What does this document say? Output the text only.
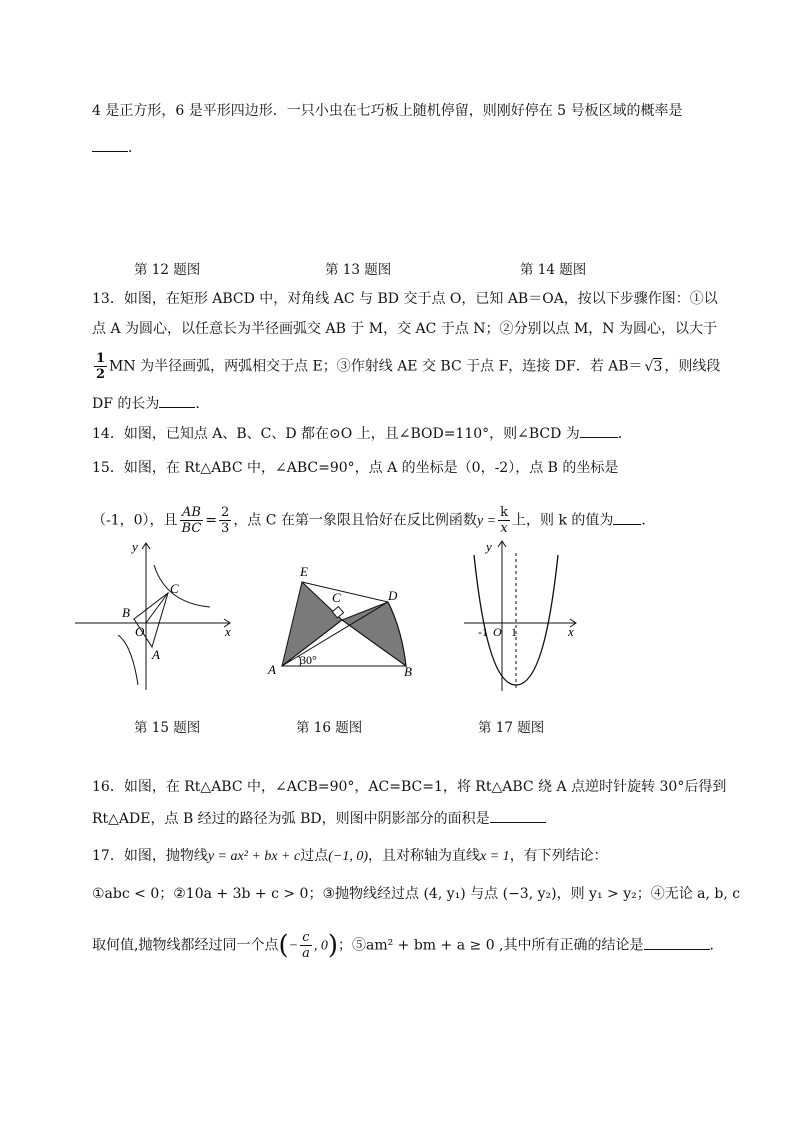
4 是正方形，6 是平形四边形．一只小虫在七巧板上随机停留，则刚好停在 5 号板区域的概率是
．
第 12 题图	第 13 题图	第 14 题图
13．如图，在矩形 ABCD 中，对角线 AC 与 BD 交于点 O，已知 AB＝OA，按以下步骤作图：①以
点 A 为圆心，以任意长为半径画弧交 AB 于 M，交 AC 于点 N；②分别以点 M，N 为圆心，以大于
$\frac{1}{2}$ MN 为半径画弧，两弧相交于点 E；③作射线 AE 交 BC 于点 F，连接 DF．若 AB＝ √3 ，则线段
DF 的长为	．
14．如图，已知点 A、B、C、D 都在⊙O 上，且∠BOD=110°，则∠BCD 为	．
15．如图，在 Rt△ABC 中，∠ABC=90°，点 A 的坐标是（0，-2），点 B 的坐标是
（-1，0），且 $\frac{AB}{BC} = \frac{2}{3}$ ，点 C 在第一象限且恰好在反比例函数$y = \frac{k}{x}$ 上，则 k 的值为 ．
y
x
B
O
A
C
E
C	D
A	B
30°
y
x
-1 O 1
第 15 题图	第 16 题图	第 17 题图
16．如图，在 Rt△ABC 中，∠ACB=90°，AC=BC=1，将 Rt△ABC 绕 A 点逆时针旋转 30°后得到
Rt△ADE，点 B 经过的路径为弧 BD，则图中阴影部分的面积是
17．如图，抛物线y = ax² + bx + c过点(−1, 0)，且对称轴为直线x = 1，有下列结论：
①abc < 0；②10a + 3b + c > 0；③抛物线经过点 (4, y₁) 与点 (−3, y₂)，则 y₁ > y₂；④无论 a, b, c
取何值,抛物线都经过同一个点(− $\frac{c}{a}$ , 0)；⑤am² + bm + a ≥ 0 ,其中所有正确的结论是	．
